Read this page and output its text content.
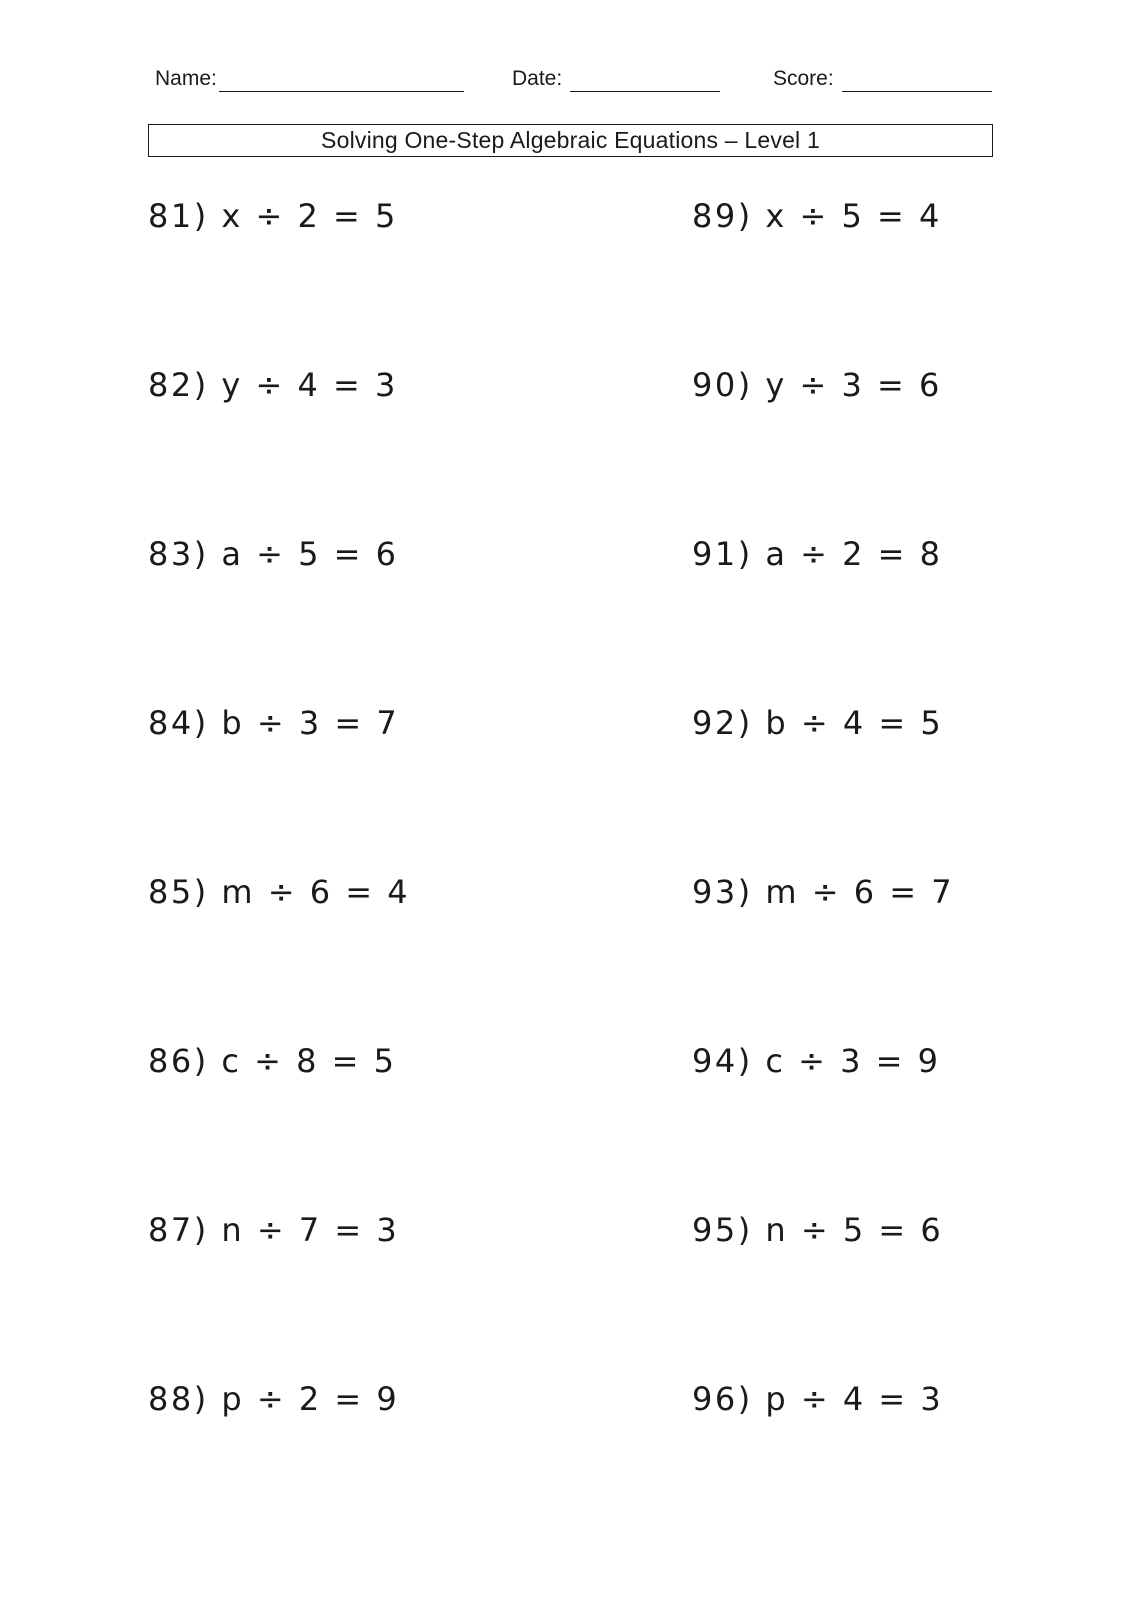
Name:	Date:	Score:
Solving One-Step Algebraic Equations – Level 1
81) x ÷ 2 = 5
82) y ÷ 4 = 3
83) a ÷ 5 = 6
84) b ÷ 3 = 7
85) m ÷ 6 = 4
86) c ÷ 8 = 5
87) n ÷ 7 = 3
88) p ÷ 2 = 9
89) x ÷ 5 = 4
90) y ÷ 3 = 6
91) a ÷ 2 = 8
92) b ÷ 4 = 5
93) m ÷ 6 = 7
94) c ÷ 3 = 9
95) n ÷ 5 = 6
96) p ÷ 4 = 3
